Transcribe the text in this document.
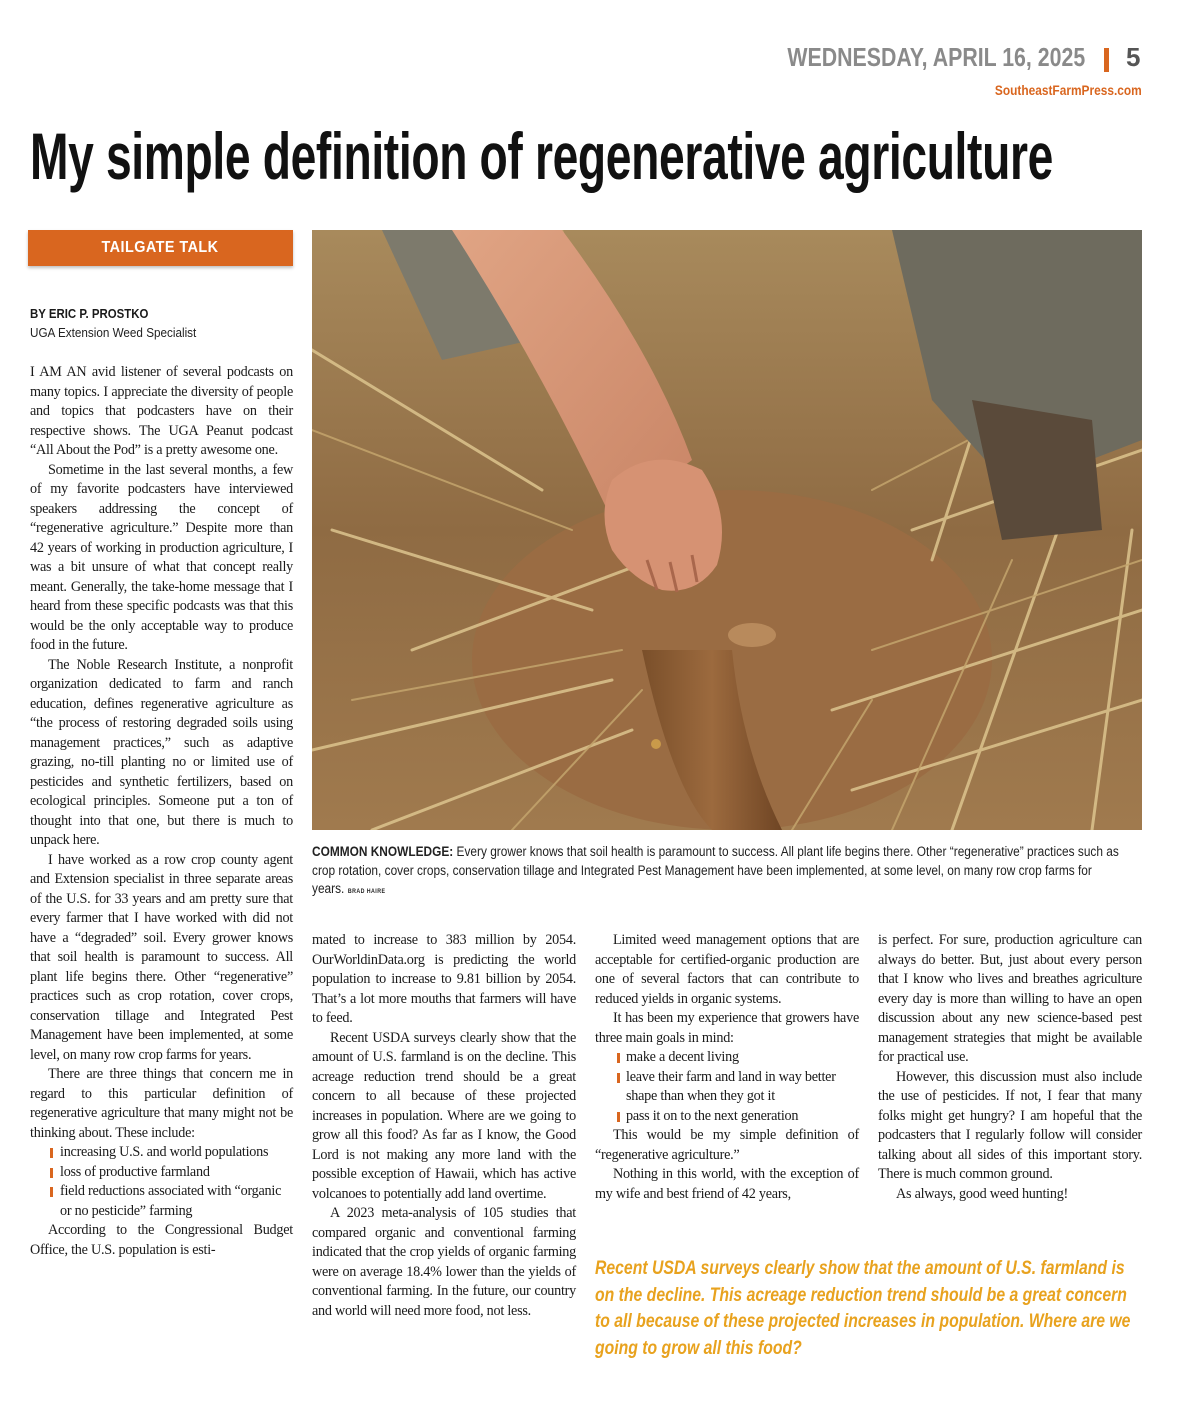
WEDNESDAY, APRIL 16, 2025 5
SoutheastFarmPress.com
My simple definition of regenerative agriculture
TAILGATE TALK
BY ERIC P. PROSTKO
UGA Extension Weed Specialist

I AM AN avid listener of several podcasts on many topics. I appreciate the diversity of people and topics that podcasters have on their respective shows. The UGA Peanut podcast “All About the Pod” is a pretty awesome one.

Sometime in the last several months, a few of my favorite podcasters have interviewed speakers addressing the concept of “regenerative agriculture.” Despite more than 42 years of working in production agriculture, I was a bit unsure of what that concept really meant. Generally, the take-home message that I heard from these specific podcasts was that this would be the only acceptable way to produce food in the future.

The Noble Research Institute, a nonprofit organization dedicated to farm and ranch education, defines regenerative agriculture as “the process of restoring degraded soils using management practices,” such as adaptive grazing, no-till planting no or limited use of pesticides and synthetic fertilizers, based on ecological principles. Someone put a ton of thought into that one, but there is much to unpack here.

I have worked as a row crop county agent and Extension specialist in three separate areas of the U.S. for 33 years and am pretty sure that every farmer that I have worked with did not have a “degraded” soil. Every grower knows that soil health is paramount to success. All plant life begins there. Other “regenerative” practices such as crop rotation, cover crops, conservation tillage and Integrated Pest Management have been implemented, at some level, on many row crop farms for years.

There are three things that concern me in regard to this particular definition of regenerative agriculture that many might not be thinking about. These include:

increasing U.S. and world populations
loss of productive farmland
field reductions associated with “organic or no pesticide” farming

According to the Congressional Budget Office, the U.S. population is esti-

COMMON KNOWLEDGE: Every grower knows that soil health is paramount to success. All plant life begins there. Other “regenerative” practices such as crop rotation, cover crops, conservation tillage and Integrated Pest Management have been implemented, at some level, on many row crop farms for years. BRAD HAIRE

mated to increase to 383 million by 2054. OurWorldinData.org is predicting the world population to increase to 9.81 billion by 2054. That’s a lot more mouths that farmers will have to feed.

Recent USDA surveys clearly show that the amount of U.S. farmland is on the decline. This acreage reduction trend should be a great concern to all because of these projected increases in population. Where are we going to grow all this food? As far as I know, the Good Lord is not making any more land with the possible exception of Hawaii, which has active volcanoes to potentially add land overtime.

A 2023 meta-analysis of 105 studies that compared organic and conventional farming indicated that the crop yields of organic farming were on average 18.4% lower than the yields of conventional farming. In the future, our country and world will need more food, not less.

Limited weed management options that are acceptable for certified-organic production are one of several factors that can contribute to reduced yields in organic systems.

It has been my experience that growers have three main goals in mind:

make a decent living
leave their farm and land in way better shape than when they got it
pass it on to the next generation

This would be my simple definition of “regenerative agriculture.”

Nothing in this world, with the exception of my wife and best friend of 42 years,

is perfect. For sure, production agriculture can always do better. But, just about every person that I know who lives and breathes agriculture every day is more than willing to have an open discussion about any new science-based pest management strategies that might be available for practical use.

However, this discussion must also include the use of pesticides. If not, I fear that many folks might get hungry? I am hopeful that the podcasters that I regularly follow will consider talking about all sides of this important story. There is much common ground.

As always, good weed hunting!

Recent USDA surveys clearly show that the amount of U.S. farmland is on the decline. This acreage reduction trend should be a great concern to all because of these projected increases in population. Where are we going to grow all this food?
